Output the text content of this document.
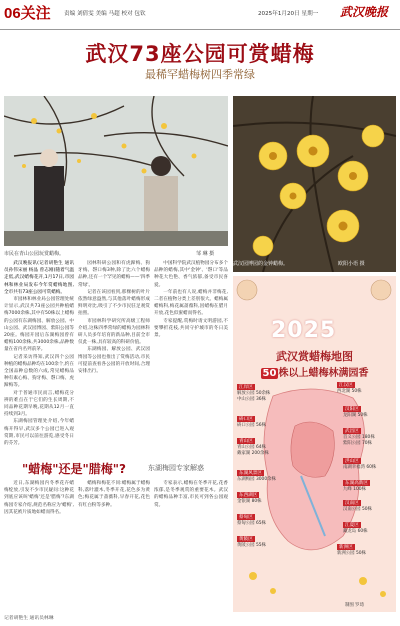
06关注 责编 刘倩雯 美编 马超 校对 包钦	2025年1月20日 星期一 武汉晚报
武汉73座公园可赏蜡梅
最稀罕蜡梅树四季常绿
市民在青山公园玩赏蜡梅。	邹 琳 摄
武汉园博园的金钟蜡梅。	欧阳小语 摄

武汉晚报讯(记者胡艳生 通讯员孙伟宋丽 杨晶 曾志刚)随着气温走低,武汉蜡梅花开,1月17日,市园林和林业局发布今年赏蜡梅地图,全市共有73座公园可赏蜡梅。

市园林和林业局公园管理处统计显示,武汉共73座公园共种植蜡梅7000余株,其中有50株以上蜡梅的公园有东湖梅园、解放公园、中山公园、武汉园博园、紫阳公园等20座。梅园开园后东湖梅园曾有蜡梅100余株,共3000余株,品种数量在省内名列前茅。

记者采访得知,武汉四个公园种植的蜡梅品种均在100余个,约在全国品种总数的六成,常见蜡梅品种有素心梅、狗牙梅、磬口梅、虎蹄梅等。

对于普通市民而言,蜡梅花分辨的难点在于它们的生长周期,不同品种花期早晚,花期从12月一直持续到3月。

东湖梅园管理处介绍,今年蜡梅开得早,武汉多个公园已进入观赏期,市民可以前往游览,感受冬日的芬芳。

园林科研公园和有虎蹄梅、狗牙梅、磬口梅3种,除了比六个蜡梅品种,还有一个罕见的蜡梅——'四季常绿'。

记者在该园看到,那棵树的叶片依然绿意盎然,与其他落叶蜡梅形成鲜明对比,吸引了不少市民驻足观赏拍照。

市园林科学研究所高级工程师介绍,这株四季常绿的蜡梅为园林科研人员多年培育的新品种,目前全市仅此一株,具有较高的科研价值。

东湖梅园、解放公园、武汉园博园等公园也推出了赏梅活动,市民可提前查看各公园的开放时间,合理安排出行。

中国科学院武汉植物园分布多个品种的蜡梅,其中'金钟'、'磬口'等品种花大色艳、香气浓郁,备受市民喜爱。

一年前也有人说,蜡梅并非梅花,二者在植物分类上差别很大。蜡梅属蜡梅科,梅花属蔷薇科,因蜡梅在腊月开放,花色似蜜蜡而得名。

专家提醒,赏梅时请文明游园,不要攀折花枝,共同守护城市的冬日美景。

"蜡梅"还是"腊梅"?	东湖梅园专家解惑

近日,东湖梅园内冬季花卉蜡梅绽放,引发不少市民疑问:这种花到底应该叫'蜡梅'还是'腊梅'?东湖梅园专家介绍,规范名称应为'蜡梅',因其花被片质地如蜡而得名。

蜡梅和梅花不同:蜡梅属于蜡梅科,落叶灌木,冬季开花,花色多为黄色;梅花属于蔷薇科,早春开花,花色有红白粉等多种。

专家表示,蜡梅在冬季开花,花香浓郁,是冬季观赏的重要花木。武汉的蜡梅品种丰富,市民可到各公园观赏。

2025
武汉赏蜡梅地图
50 株以上蜡梅林满园香
江岸区
解放公园 50余株
中山公园 36株
江汉区
西北湖 50株
硚口区
硚口公园 56株
汉阳区
龙阳湖 50株
武昌区
首义公园 180株
紫阳公园 70株
青山区
青山公园 64株
戴家湖 200余株
洪山区
南湖幸福湾 60株
东湖风景区
东湖梅园 3000余株
东湖高新区
九峰 100株
东西湖区
金银湖 80株	汉南区
汉南公园 50株
蔡甸区
蔡甸公园 65株	江夏区
藏龙岛 60株
黄陂区
黄陂公园 55株	新洲区
新洲公园 50株
制图 罗琦
记者胡艳生 通讯员林琳
